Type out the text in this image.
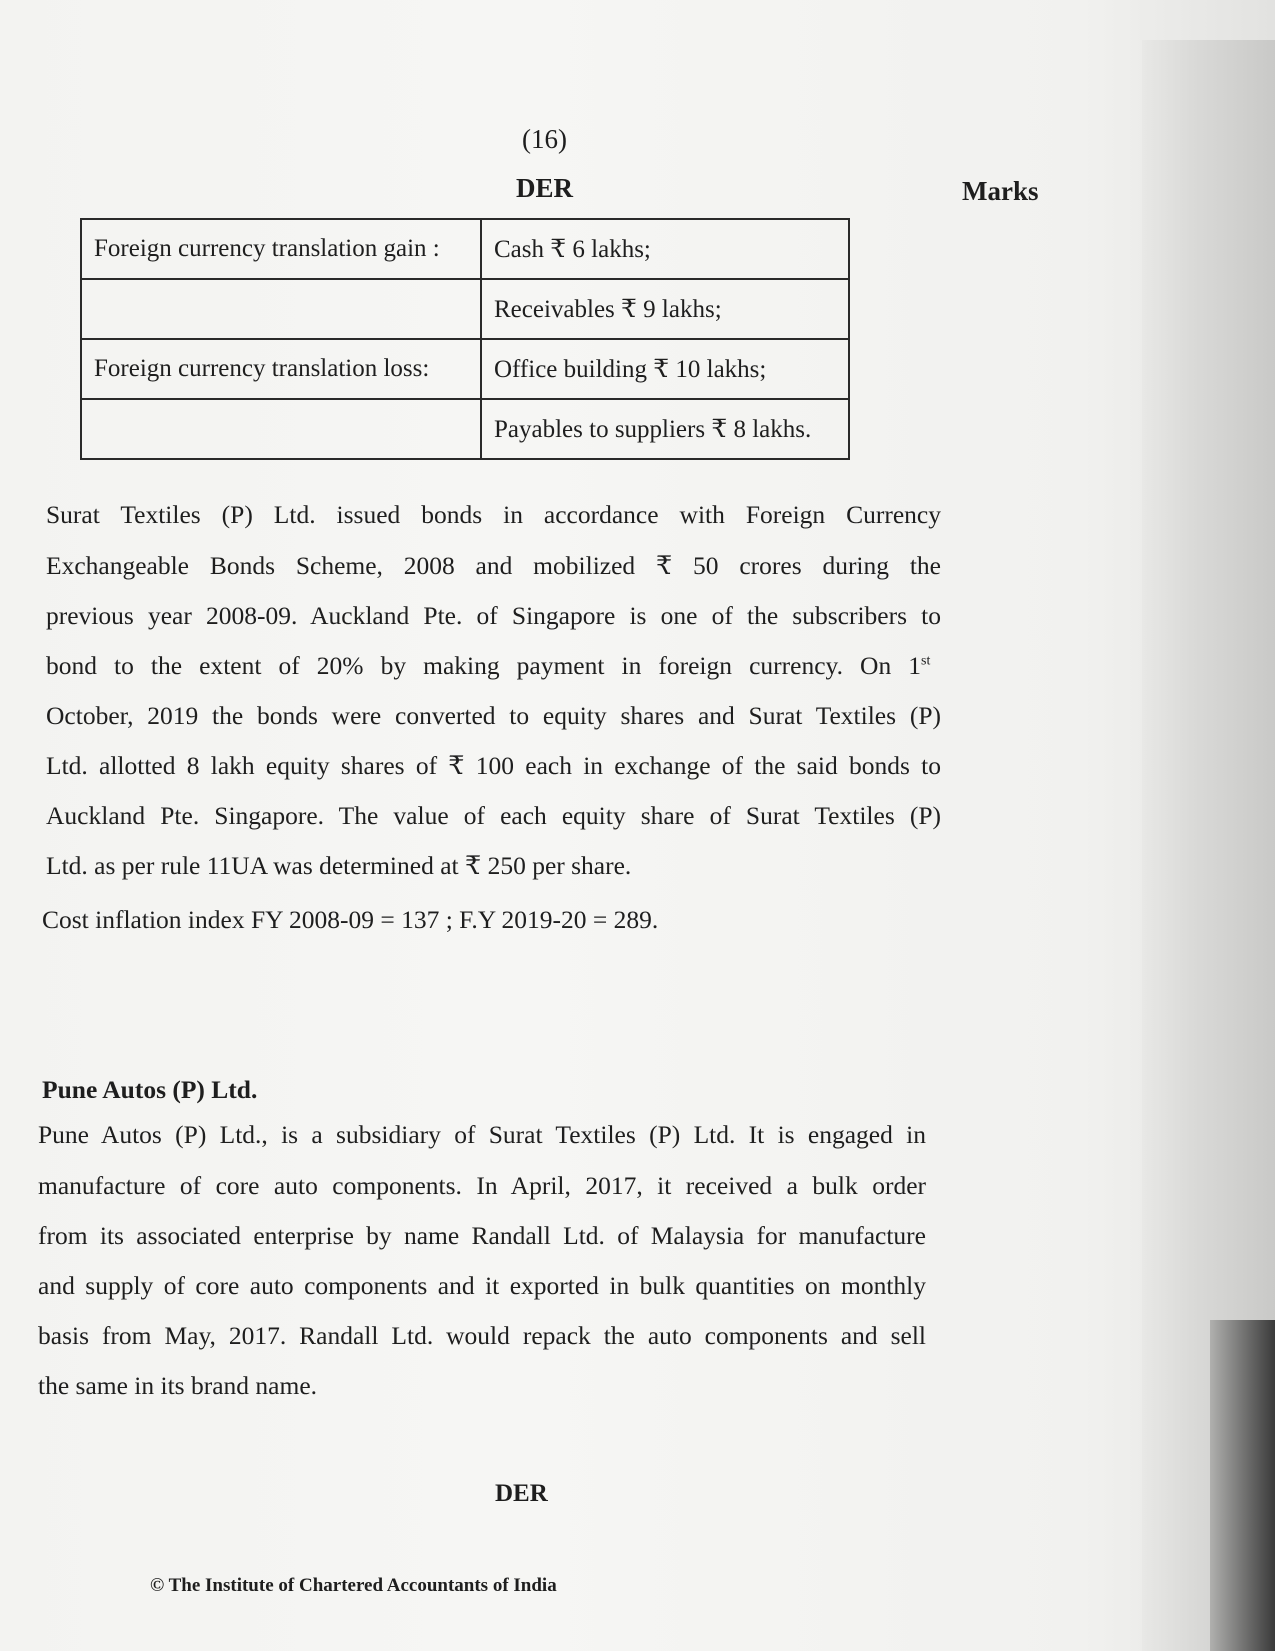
(16)
DER	Marks
Foreign currency translation gain :	Cash ₹ 6 lakhs;
	Receivables ₹ 9 lakhs;
Foreign currency translation loss:	Office building ₹ 10 lakhs;
	Payables to suppliers ₹ 8 lakhs.
Surat Textiles (P) Ltd. issued bonds in accordance with Foreign Currency
Exchangeable Bonds Scheme, 2008 and mobilized ₹ 50 crores during the
previous year 2008-09. Auckland Pte. of Singapore is one of the subscribers to
bond to the extent of 20% by making payment in foreign currency. On 1st
October, 2019 the bonds were converted to equity shares and Surat Textiles (P)
Ltd. allotted 8 lakh equity shares of ₹ 100 each in exchange of the said bonds to
Auckland Pte. Singapore. The value of each equity share of Surat Textiles (P)
Ltd. as per rule 11UA was determined at ₹ 250 per share.
Cost inflation index FY 2008-09 = 137 ; F.Y 2019-20 = 289.
Pune Autos (P) Ltd.
Pune Autos (P) Ltd., is a subsidiary of Surat Textiles (P) Ltd. It is engaged in
manufacture of core auto components. In April, 2017, it received a bulk order
from its associated enterprise by name Randall Ltd. of Malaysia for manufacture
and supply of core auto components and it exported in bulk quantities on monthly
basis from May, 2017. Randall Ltd. would repack the auto components and sell
the same in its brand name.
DER
© The Institute of Chartered Accountants of India
